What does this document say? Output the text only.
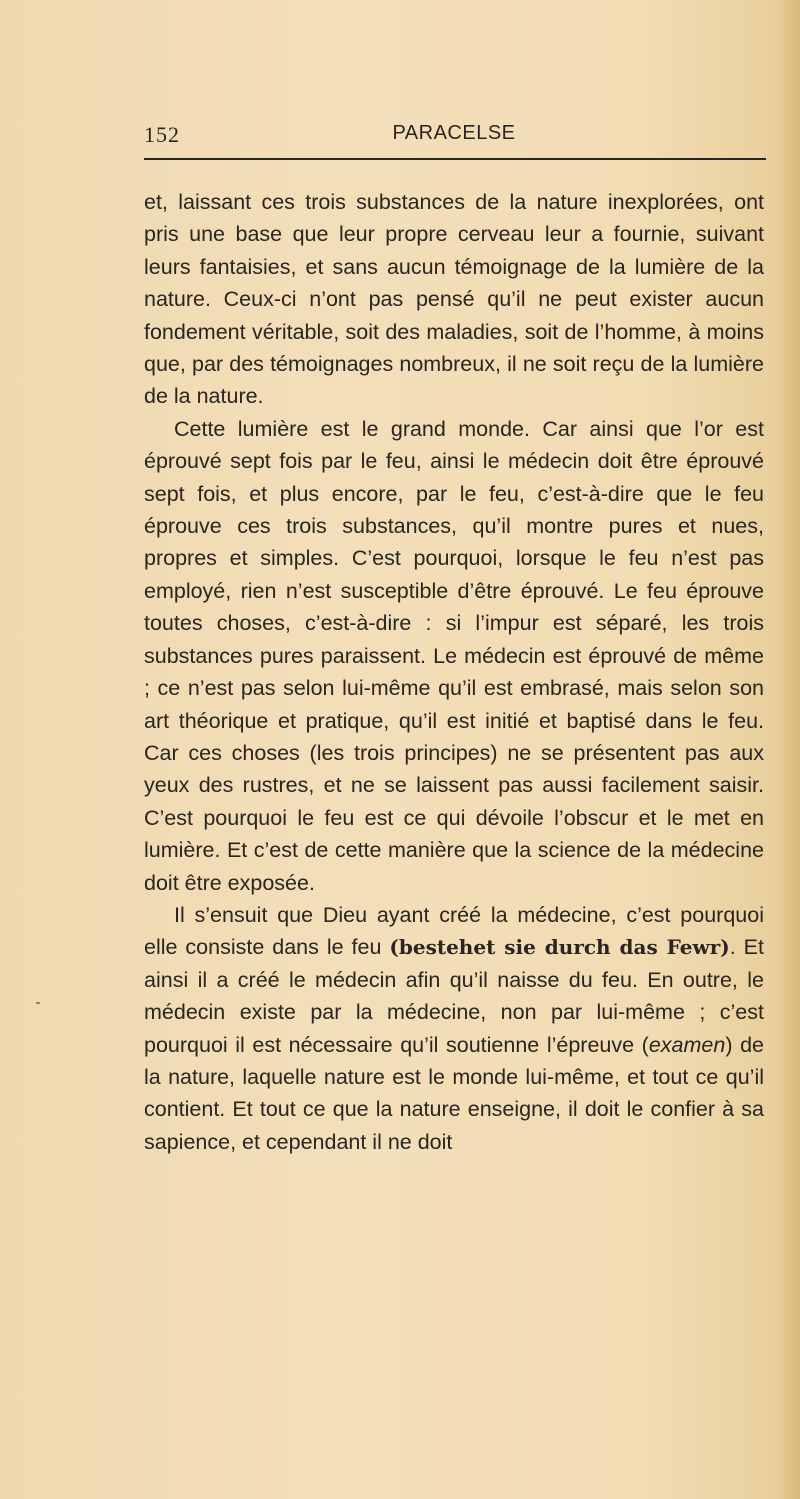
152	PARACELSE

et, laissant ces trois substances de la nature inexplorées, ont pris une base que leur propre cerveau leur a fournie, suivant leurs fantaisies, et sans aucun témoignage de la lumière de la nature. Ceux-ci n’ont pas pensé qu’il ne peut exister aucun fondement véritable, soit des maladies, soit de l’homme, à moins que, par des témoignages nombreux, il ne soit reçu de la lumière de la nature.

Cette lumière est le grand monde. Car ainsi que l’or est éprouvé sept fois par le feu, ainsi le médecin doit être éprouvé sept fois, et plus encore, par le feu, c’est-à-dire que le feu éprouve ces trois substances, qu’il montre pures et nues, propres et simples. C’est pourquoi, lorsque le feu n’est pas employé, rien n’est susceptible d’être éprouvé. Le feu éprouve toutes choses, c’est-à-dire : si l’impur est séparé, les trois substances pures paraissent. Le médecin est éprouvé de même ; ce n’est pas selon lui-même qu’il est embrasé, mais selon son art théorique et pratique, qu’il est initié et baptisé dans le feu. Car ces choses (les trois principes) ne se présentent pas aux yeux des rustres, et ne se laissent pas aussi facilement saisir. C’est pourquoi le feu est ce qui dévoile l’obscur et le met en lumière. Et c’est de cette manière que la science de la médecine doit être exposée.

Il s’ensuit que Dieu ayant créé la médecine, c’est pourquoi elle consiste dans le feu (bestehet sie durch das Fewr). Et ainsi il a créé le médecin afin qu’il naisse du feu. En outre, le médecin existe par la médecine, non par lui-même ; c’est pourquoi il est nécessaire qu’il soutienne l’épreuve (examen) de la nature, laquelle nature est le monde lui-même, et tout ce qu’il contient. Et tout ce que la nature enseigne, il doit le confier à sa sapience, et cependant il ne doit
